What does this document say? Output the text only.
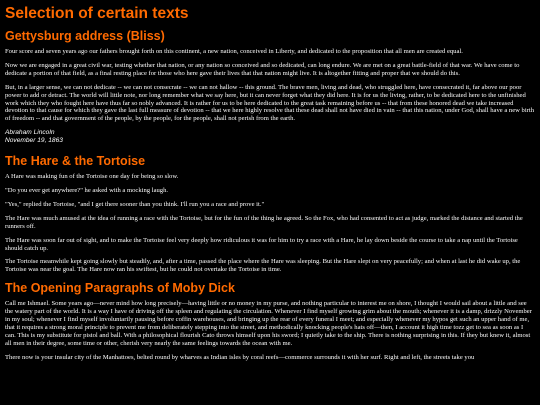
Selection of certain texts
Gettysburg address (Bliss)

Four score and seven years ago our fathers brought forth on this continent, a new nation, conceived in Liberty, and dedicated to the proposition that all men are created equal.

Now we are engaged in a great civil war, testing whether that nation, or any nation so conceived and so dedicated, can long endure. We are met on a great battle-field of that war. We have come to dedicate a portion of that field, as a final resting place for those who here gave their lives that that nation might live. It is altogether fitting and proper that we should do this.

But, in a larger sense, we can not dedicate -- we can not consecrate -- we can not hallow -- this ground. The brave men, living and dead, who struggled here, have consecrated it, far above our poor power to add or detract. The world will little note, nor long remember what we say here, but it can never forget what they did here. It is for us the living, rather, to be dedicated here to the unfinished work which they who fought here have thus far so nobly advanced. It is rather for us to be here dedicated to the great task remaining before us -- that from these honored dead we take increased devotion to that cause for which they gave the last full measure of devotion -- that we here highly resolve that these dead shall not have died in vain -- that this nation, under God, shall have a new birth of freedom -- and that government of the people, by the people, for the people, shall not perish from the earth.

Abraham Lincoln
November 19, 1863

The Hare & the Tortoise

A Hare was making fun of the Tortoise one day for being so slow.

"Do you ever get anywhere?" he asked with a mocking laugh.

"Yes," replied the Tortoise, "and I get there sooner than you think. I'll run you a race and prove it."

The Hare was much amused at the idea of running a race with the Tortoise, but for the fun of the thing he agreed. So the Fox, who had consented to act as judge, marked the distance and started the runners off.

The Hare was soon far out of sight, and to make the Tortoise feel very deeply how ridiculous it was for him to try a race with a Hare, he lay down beside the course to take a nap until the Tortoise should catch up.

The Tortoise meanwhile kept going slowly but steadily, and, after a time, passed the place where the Hare was sleeping. But the Hare slept on very peacefully; and when at last he did wake up, the Tortoise was near the goal. The Hare now ran his swiftest, but he could not overtake the Tortoise in time.

The Opening Paragraphs of Moby Dick

Call me Ishmael. Some years ago—never mind how long precisely—having little or no money in my purse, and nothing particular to interest me on shore, I thought I would sail about a little and see the watery part of the world. It is a way I have of driving off the spleen and regulating the circulation. Whenever I find myself growing grim about the mouth; whenever it is a damp, drizzly November in my soul; whenever I find myself involuntarily pausing before coffin warehouses, and bringing up the rear of every funeral I meet; and especially whenever my hypos get such an upper hand of me, that it requires a strong moral principle to prevent me from deliberately stepping into the street, and methodically knocking people's hats off—then, I account it high time tozz get to sea as soon as I can. This is my substitute for pistol and ball. With a philosophical flourish Cato throws himself upon his sword; I quietly take to the ship. There is nothing surprising in this. If they but knew it, almost all men in their degree, some time or other, cherish very nearly the same feelings towards the ocean with me.

There now is your insular city of the Manhattoes, belted round by wharves as Indian isles by coral reefs—commerce surrounds it with her surf. Right and left, the streets take you
